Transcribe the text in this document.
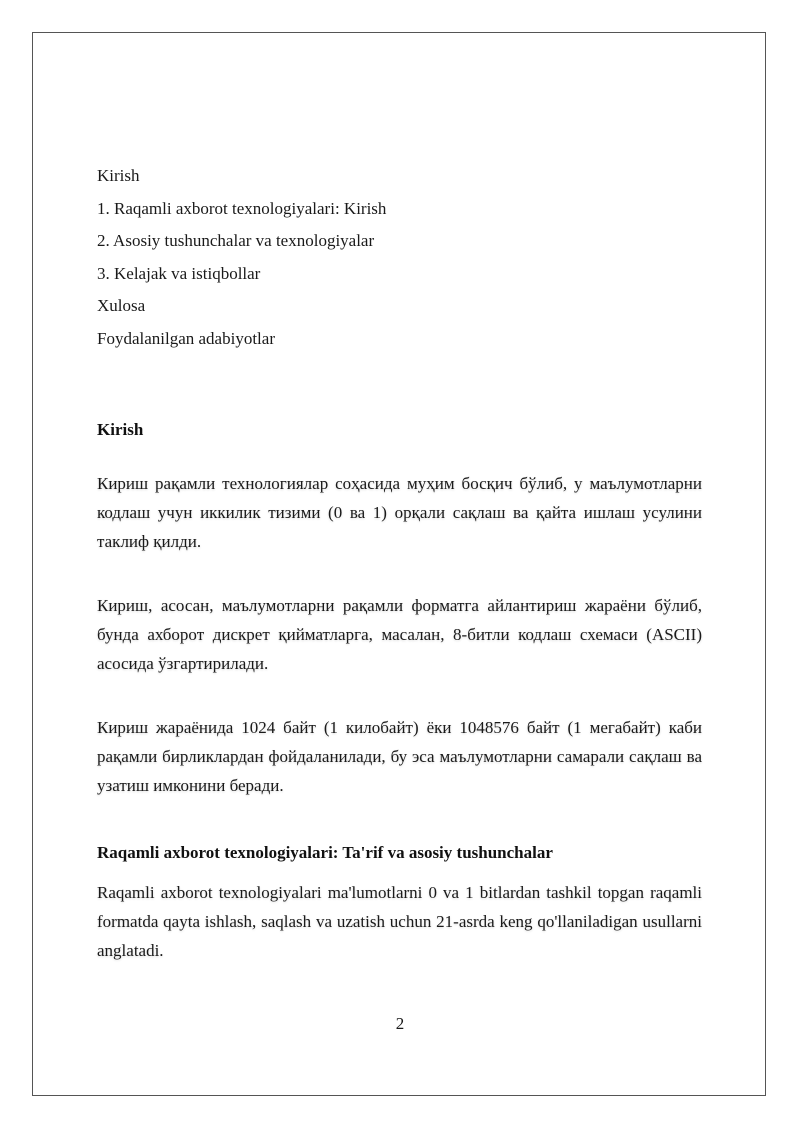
Kirish

1. Raqamli axborot texnologiyalari: Kirish

2. Asosiy tushunchalar va texnologiyalar

3. Kelajak va istiqbollar

Xulosa

Foydalanilgan adabiyotlar

Kirish

Кириш рақамли технологиялар соҳасида муҳим босқич бўлиб, у маълумотларни кодлаш учун иккилик тизими (0 ва 1) орқали сақлаш ва қайта ишлаш усулини таклиф қилди.

Кириш, асосан, маълумотларни рақамли форматга айлантириш жараёни бўлиб, бунда ахборот дискрет қийматларга, масалан, 8-битли кодлаш схемаси (ASCII) асосида ўзгартирилади.

Кириш жараёнида 1024 байт (1 килобайт) ёки 1048576 байт (1 мегабайт) каби рақамли бирликлардан фойдаланилади, бу эса маълумотларни самарали сақлаш ва узатиш имконини беради.

Raqamli axborot texnologiyalari: Ta'rif va asosiy tushunchalar

Raqamli axborot texnologiyalari ma'lumotlarni 0 va 1 bitlardan tashkil topgan raqamli formatda qayta ishlash, saqlash va uzatish uchun 21-asrda keng qo'llaniladigan usullarni anglatadi.

2
